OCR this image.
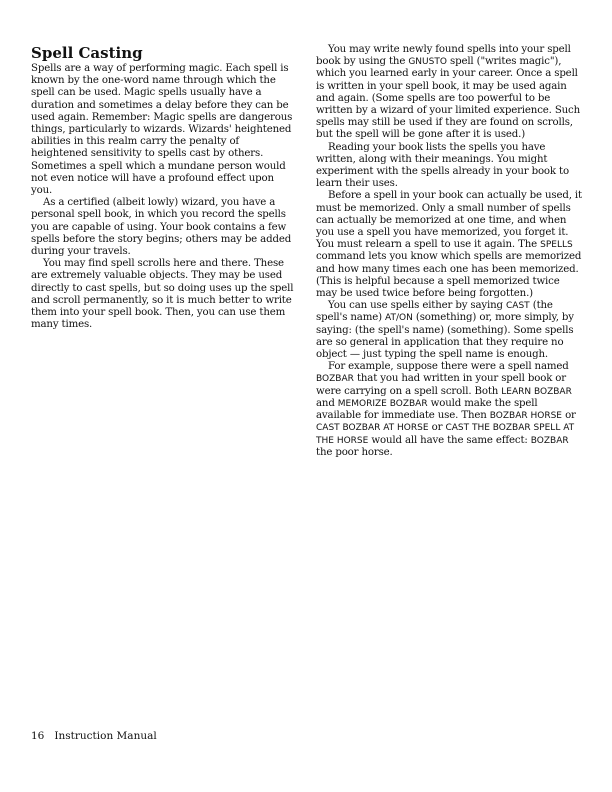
Spell Casting

Spells are a way of performing magic. Each spell is known by the one-word name through which the spell can be used. Magic spells usually have a duration and sometimes a delay before they can be used again. Remember: Magic spells are dangerous things, particularly to wizards. Wizards' heightened abilities in this realm carry the penalty of heightened sensitivity to spells cast by others. Sometimes a spell which a mundane person would not even notice will have a profound effect upon you.

As a certified (albeit lowly) wizard, you have a personal spell book, in which you record the spells you are capable of using. Your book contains a few spells before the story begins; others may be added during your travels.

You may find spell scrolls here and there. These are extremely valuable objects. They may be used directly to cast spells, but so doing uses up the spell and scroll permanently, so it is much better to write them into your spell book. Then, you can use them many times.

You may write newly found spells into your spell book by using the GNUSTO spell ("writes magic"), which you learned early in your career. Once a spell is written in your spell book, it may be used again and again. (Some spells are too powerful to be written by a wizard of your limited experience. Such spells may still be used if they are found on scrolls, but the spell will be gone after it is used.)

Reading your book lists the spells you have written, along with their meanings. You might experiment with the spells already in your book to learn their uses.

Before a spell in your book can actually be used, it must be memorized. Only a small number of spells can actually be memorized at one time, and when you use a spell you have memorized, you forget it. You must relearn a spell to use it again. The SPELLS command lets you know which spells are memorized and how many times each one has been memorized. (This is helpful because a spell memorized twice may be used twice before being forgotten.)

You can use spells either by saying CAST (the spell's name) AT/ON (something) or, more simply, by saying: (the spell's name) (something). Some spells are so general in application that they require no object — just typing the spell name is enough.

For example, suppose there were a spell named BOZBAR that you had written in your spell book or were carrying on a spell scroll. Both LEARN BOZBAR and MEMORIZE BOZBAR would make the spell available for immediate use. Then BOZBAR HORSE or CAST BOZBAR AT HORSE or CAST THE BOZBAR SPELL AT THE HORSE would all have the same effect: BOZBAR the poor horse.

16 Instruction Manual
